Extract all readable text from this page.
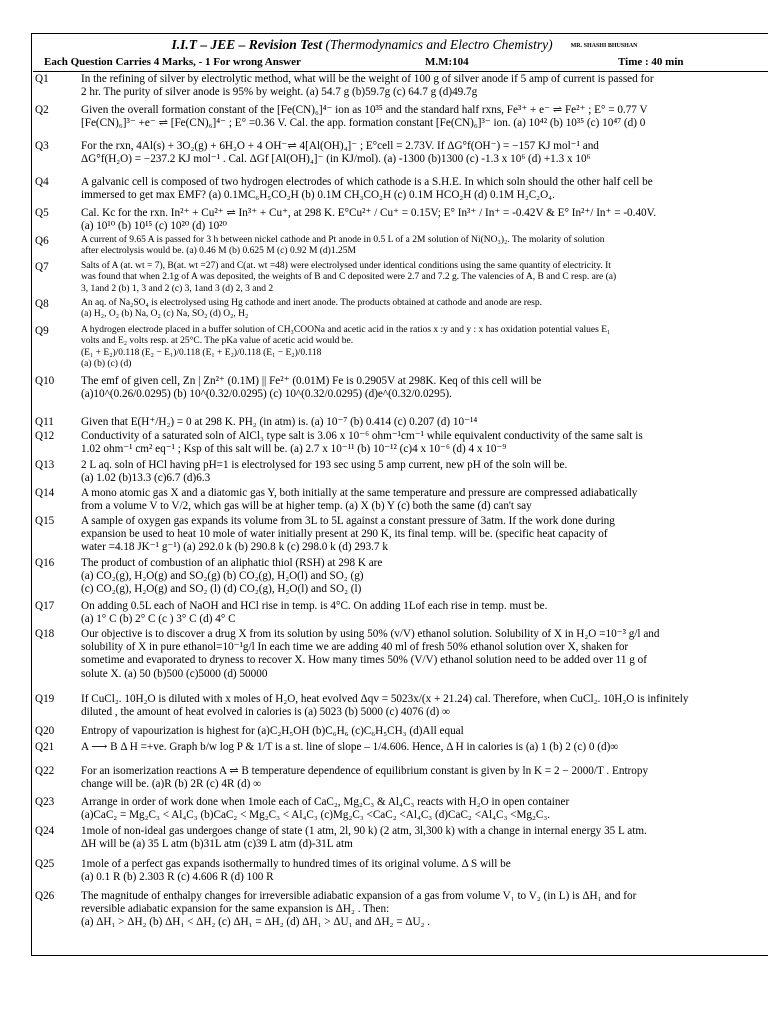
I.I.T – JEE – Revision Test (Thermodynamics and Electro Chemistry)	MR. SHASHI BHUSHAN
Each Question Carries 4 Marks, - 1 For wrong Answer	M.M:104	Time : 40 min
Q1	In the refining of silver by electrolytic method, what will be the weight of 100 g of silver anode if 5 amp of current is passed for
2 hr. The purity of silver anode is 95% by weight. (a) 54.7 g (b)59.7g (c) 64.7 g (d)49.7g
Q2	Given the overall formation constant of the [Fe(CN)₆]⁴⁻ ion as 10³⁵ and the standard half rxns, Fe³⁺ + e⁻ ⇌ Fe²⁺ ; E° = 0.77 V
[Fe(CN)₆]³⁻ +e⁻ ⇌ [Fe(CN)₆]⁴⁻ ; E° =0.36 V. Cal. the app. formation constant [Fe(CN)₆]³⁻ ion. (a) 10⁴² (b) 10³⁵ (c) 10⁴⁷ (d) 0
Q3	For the rxn, 4Al(s) + 3O₂(g) + 6H₂O + 4 OH⁻⇌ 4[Al(OH)₄]⁻ ; E°cell = 2.73V. If ΔG°f(OH⁻) = −157 KJ mol⁻¹ and
ΔG°f(H₂O) = −237.2 KJ mol⁻¹ . Cal. ΔGf [Al(OH)₄]⁻ (in KJ/mol). (a) -1300 (b)1300 (c) -1.3 x 10⁶ (d) +1.3 x 10⁶
Q4	A galvanic cell is composed of two hydrogen electrodes of which cathode is a S.H.E. In which soln should the other half cell be
immersed to get max EMF? (a) 0.1MC₆H₅CO₂H (b) 0.1M CH₃CO₂H (c) 0.1M HCO₂H (d) 0.1M H₂C₂O₄.
Q5	Cal. Kc for the rxn. In²⁺ + Cu²⁺ ⇌ In³⁺ + Cu⁺, at 298 K. E°Cu²⁺ / Cu⁺ = 0.15V; E° In³⁺ / In⁺ = -0.42V & E° In²⁺/ In⁺ = -0.40V.
(a) 10¹⁰ (b) 10¹⁵ (c) 10²⁰ (d) 10²⁰
Q6	A current of 9.65 A is passed for 3 h between nickel cathode and Pt anode in 0.5 L of a 2M solution of Ni(NO₃)₂. The molarity of solution
after electrolysis would be. (a) 0.46 M (b) 0.625 M (c) 0.92 M (d)1.25M
Q7	Salts of A (at. wt = 7), B(at. wt =27) and C(at. wt =48) were electrolysed under identical conditions using the same quantity of electricity. It
was found that when 2.1g of A was deposited, the weights of B and C deposited were 2.7 and 7.2 g. The valencies of A, B and C resp. are (a)
3, 1and 2 (b) 1, 3 and 2 (c) 3, 1and 3 (d) 2, 3 and 2
Q8	An aq. of Na₂SO₄ is electrolysed using Hg cathode and inert anode. The products obtained at cathode and anode are resp.
(a) H₂, O₂ (b) Na, O₂ (c) Na, SO₂ (d) O₂, H₂
Q9	A hydrogen electrode placed in a buffer solution of CH₃COONa and acetic acid in the ratios x :y and y : x has oxidation potential values E₁
volts and E₂ volts resp. at 25°C. The pKa value of acetic acid would be.
(E₁ + E₂)/0.118 (E₂ − E₁)/0.118 (E₁ + E₂)/0.118 (E₁ − E₂)/0.118
(a) (b) (c) (d)
Q10 The emf of given cell, Zn | Zn²⁺ (0.1M) || Fe²⁺ (0.01M) Fe is 0.2905V at 298K. Keq of this cell will be
(a)10^(0.26/0.0295) (b) 10^(0.32/0.0295) (c) 10^(0.32/0.0295) (d)e^(0.32/0.0295).
Q11 Given that E(H⁺/H₂) = 0 at 298 K. PH₂ (in atm) is. (a) 10⁻⁷ (b) 0.414 (c) 0.207 (d) 10⁻¹⁴
Q12 Conductivity of a saturated soln of AlCl₃ type salt is 3.06 x 10⁻⁶ ohm⁻¹cm⁻¹ while equivalent conductivity of the same salt is
1.02 ohm⁻¹ cm² eq⁻¹ ; Ksp of this salt will be. (a) 2.7 x 10⁻¹¹ (b) 10⁻¹² (c)4 x 10⁻⁶ (d) 4 x 10⁻⁹
Q13 2 L aq. soln of HCl having pH=1 is electrolysed for 193 sec using 5 amp current, new pH of the soln will be.
(a) 1.02 (b)13.3 (c)6.7 (d)6.3
Q14 A mono atomic gas X and a diatomic gas Y, both initially at the same temperature and pressure are compressed adiabatically
from a volume V to V/2, which gas will be at higher temp. (a) X (b) Y (c) both the same (d) can't say
Q15 A sample of oxygen gas expands its volume from 3L to 5L against a constant pressure of 3atm. If the work done during
expansion be used to heat 10 mole of water initially present at 290 K, its final temp. will be. (specific heat capacity of
water =4.18 JK⁻¹ g⁻¹) (a) 292.0 k (b) 290.8 k (c) 298.0 k (d) 293.7 k
Q16 The product of combustion of an aliphatic thiol (RSH) at 298 K are
(a) CO₂(g), H₂O(g) and SO₂(g) (b) CO₂(g), H₂O(l) and SO₂ (g)
(c) CO₂(g), H₂O(g) and SO₂ (l) (d) CO₂(g), H₂O(l) and SO₂ (l)
Q17 On adding 0.5L each of NaOH and HCl rise in temp. is 4°C. On adding 1Lof each rise in temp. must be.
(a) 1° C (b) 2° C (c ) 3° C (d) 4° C
Q18 Our objective is to discover a drug X from its solution by using 50% (v/V) ethanol solution. Solubility of X in H₂O =10⁻³ g/l and
solubility of X in pure ethanol=10⁻¹g/l In each time we are adding 40 ml of fresh 50% ethanol solution over X, shaken for
sometime and evaporated to dryness to recover X. How many times 50% (V/V) ethanol solution need to be added over 11 g of
solute X. (a) 50 (b)500 (c)5000 (d) 50000
Q19 If CuCl₂. 10H₂O is diluted with x moles of H₂O, heat evolved Δqv = 5023x/(x + 21.24) cal. Therefore, when CuCl₂. 10H₂O is infinitely
diluted , the amount of heat evolved in calories is (a) 5023 (b) 5000 (c) 4076 (d) ∞
Q20 Entropy of vapourization is highest for (a)C₂H₅OH (b)C₆H₆ (c)C₆H₅CH₃ (d)All equal
Q21 A ⟶ B Δ H =+ve. Graph b/w log P & 1/T is a st. line of slope – 1/4.606. Hence, Δ H in calories is (a) 1 (b) 2 (c) 0 (d)∞
Q22 For an isomerization reactions A ⇌ B temperature dependence of equilibrium constant is given by ln K = 2 − 2000/T . Entropy
change will be. (a)R (b) 2R (c) 4R (d) ∞
Q23 Arrange in order of work done when 1mole each of CaC₂, Mg₂C₃ & Al₄C₃ reacts with H₂O in open container
(a)CaC₂ = Mg₂C₃ < Al₄C₃ (b)CaC₂ < Mg₂C₃ < Al₄C₃ (c)Mg₂C₃ <CaC₂ <Al₄C₃ (d)CaC₂ <Al₄C₃ <Mg₂C₃.
Q24 1mole of non-ideal gas undergoes change of state (1 atm, 2l, 90 k) (2 atm, 3l,300 k) with a change in internal energy 35 L atm.
ΔH will be (a) 35 L atm (b)31L atm (c)39 L atm (d)-31L atm
Q25 1mole of a perfect gas expands isothermally to hundred times of its original volume. Δ S will be
(a) 0.1 R (b) 2.303 R (c) 4.606 R (d) 100 R
Q26 The magnitude of enthalpy changes for irreversible adiabatic expansion of a gas from volume V₁ to V₂ (in L) is ΔH₁ and for
reversible adiabatic expansion for the same expansion is ΔH₂ . Then:
(a) ΔH₁ > ΔH₂ (b) ΔH₁ < ΔH₂ (c) ΔH₁ = ΔH₂ (d) ΔH₁ > ΔU₁ and ΔH₂ = ΔU₂ .
